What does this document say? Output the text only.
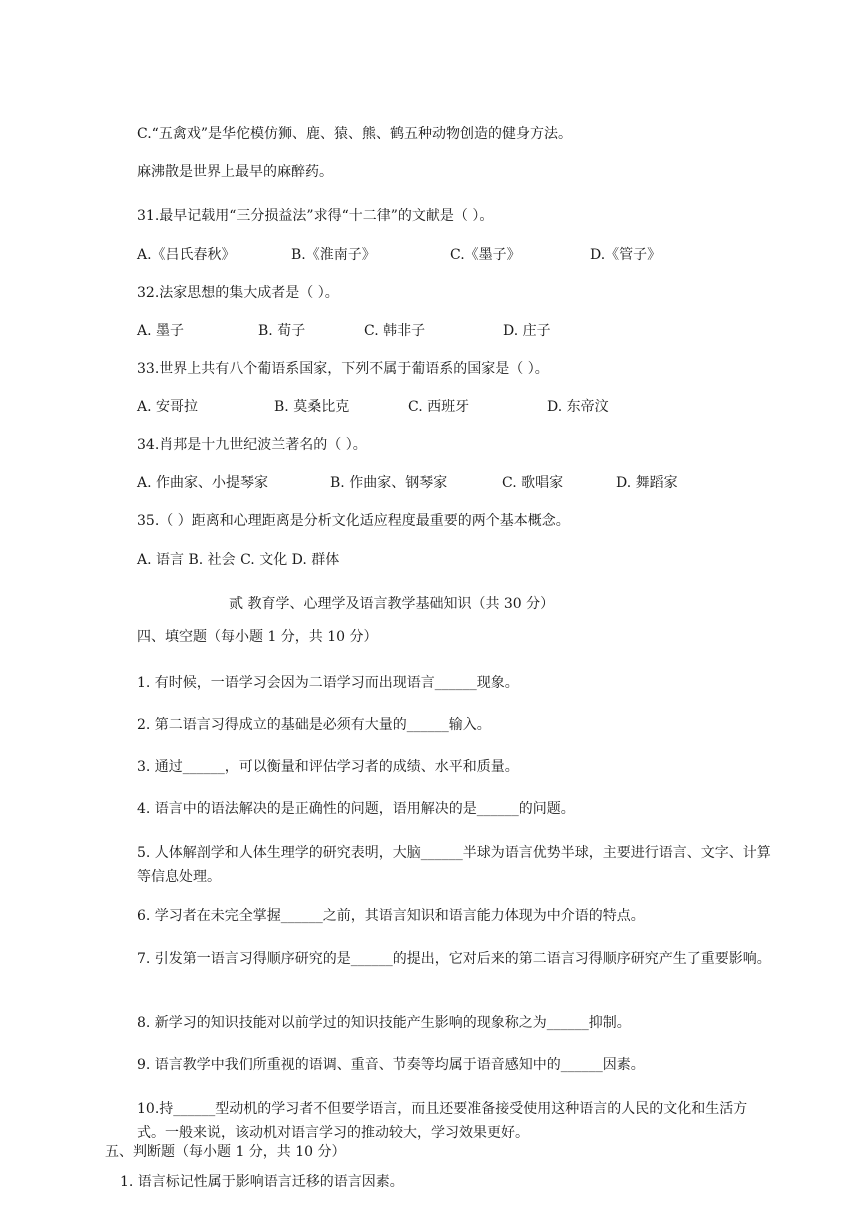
C.“五禽戏”是华佗模仿狮、鹿、猿、熊、鹤五种动物创造的健身方法。
麻沸散是世界上最早的麻醉药。
31.最早记载用“三分损益法”求得“十二律”的文献是（ ）。
A.《吕氏春秋》	B.《淮南子》	C.《墨子》	D.《管子》
32.法家思想的集大成者是（ ）。
A. 墨子	B. 荀子	C. 韩非子	D. 庄子
33.世界上共有八个葡语系国家，下列不属于葡语系的国家是（ ）。
A. 安哥拉	B. 莫桑比克	C. 西班牙	D. 东帝汶
34.肖邦是十九世纪波兰著名的（ ）。
A. 作曲家、小提琴家	B. 作曲家、钢琴家	C. 歌唱家	D. 舞蹈家
35.（ ）距离和心理距离是分析文化适应程度最重要的两个基本概念。
A. 语言 B. 社会 C. 文化 D. 群体
贰 教育学、心理学及语言教学基础知识（共 30 分）
四、填空题（每小题 1 分，共 10 分）
1. 有时候，一语学习会因为二语学习而出现语言______现象。
2. 第二语言习得成立的基础是必须有大量的______输入。
3. 通过______，可以衡量和评估学习者的成绩、水平和质量。
4. 语言中的语法解决的是正确性的问题，语用解决的是______的问题。
5. 人体解剖学和人体生理学的研究表明，大脑______半球为语言优势半球，主要进行语言、文字、计算等信息处理。
6. 学习者在未完全掌握______之前，其语言知识和语言能力体现为中介语的特点。
7. 引发第一语言习得顺序研究的是______的提出，它对后来的第二语言习得顺序研究产生了重要影响。
8. 新学习的知识技能对以前学过的知识技能产生影响的现象称之为______抑制。
9. 语言教学中我们所重视的语调、重音、节奏等均属于语音感知中的______因素。
10.持______型动机的学习者不但要学语言，而且还要准备接受使用这种语言的人民的文化和生活方式。一般来说，该动机对语言学习的推动较大，学习效果更好。
五、判断题（每小题 1 分，共 10 分）
1. 语言标记性属于影响语言迁移的语言因素。
